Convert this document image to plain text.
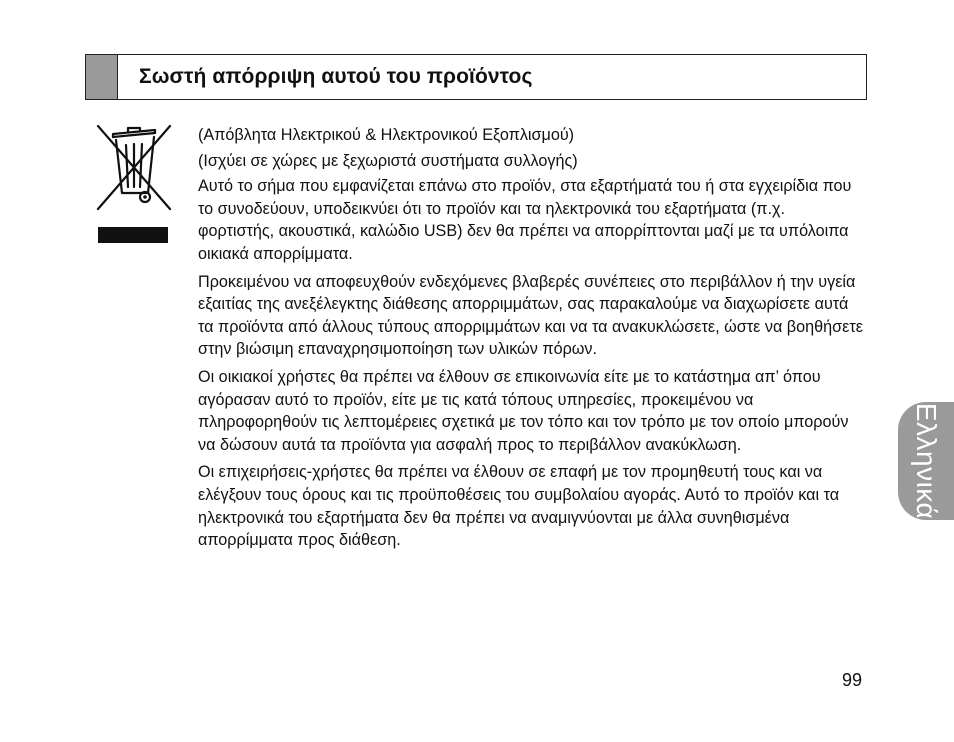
Σωστή απόρριψη αυτού του προϊόντος

(Απόβλητα Ηλεκτρικού & Ηλεκτρονικού Εξοπλισμού)

(Ισχύει σε χώρες με ξεχωριστά συστήματα συλλογής)

Αυτό το σήμα που εμφανίζεται επάνω στο προϊόν, στα εξαρτήματά του ή στα εγχειρίδια που το συνοδεύουν, υποδεικνύει ότι το προϊόν και τα ηλεκτρονικά του εξαρτήματα (π.χ. φορτιστής, ακουστικά, καλώδιο USB) δεν θα πρέπει να απορρίπτονται μαζί με τα υπόλοιπα οικιακά απορρίμματα.

Προκειμένου να αποφευχθούν ενδεχόμενες βλαβερές συνέπειες στο περιβάλλον ή την υγεία εξαιτίας της ανεξέλεγκτης διάθεσης απορριμμάτων, σας παρακαλούμε να διαχωρίσετε αυτά τα προϊόντα από άλλους τύπους απορριμμάτων και να τα ανακυκλώσετε, ώστε να βοηθήσετε στην βιώσιμη επαναχρησιμοποίηση των υλικών πόρων.

Οι οικιακοί χρήστες θα πρέπει να έλθουν σε επικοινωνία είτε με το κατάστημα απ’ όπου αγόρασαν αυτό το προϊόν, είτε με τις κατά τόπους υπηρεσίες, προκειμένου να πληροφορηθούν τις λεπτομέρειες σχετικά με τον τόπο και τον τρόπο με τον οποίο μπορούν να δώσουν αυτά τα προϊόντα για ασφαλή προς το περιβάλλον ανακύκλωση.

Οι επιχειρήσεις-χρήστες θα πρέπει να έλθουν σε επαφή με τον προμηθευτή τους και να ελέγξουν τους όρους και τις προϋποθέσεις του συμβολαίου αγοράς. Αυτό το προϊόν και τα ηλεκτρονικά του εξαρτήματα δεν θα πρέπει να αναμιγνύονται με άλλα συνηθισμένα απορρίμματα προς διάθεση.

Ελληνικά
99
